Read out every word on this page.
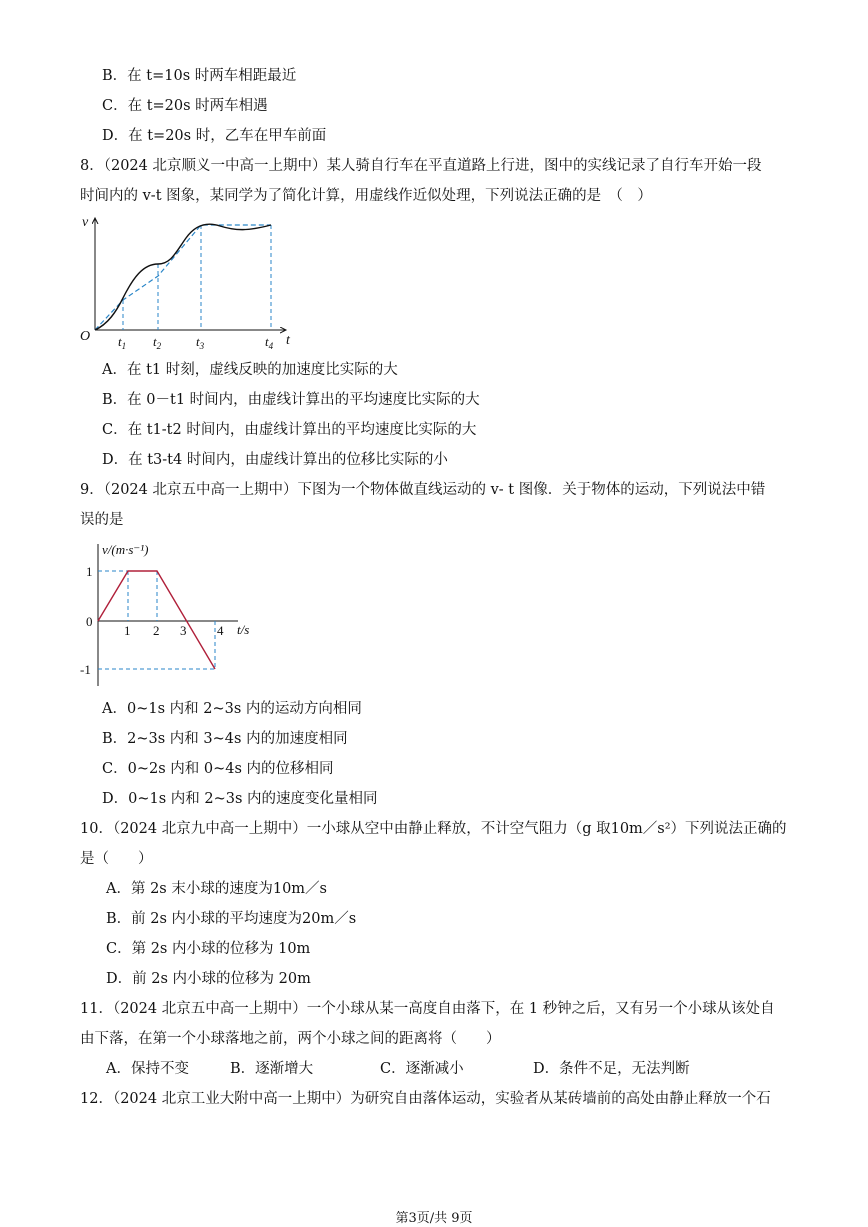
B．在 t=10s 时两车相距最近
C．在 t=20s 时两车相遇
D．在 t=20s 时，乙车在甲车前面
8．（2024 北京顺义一中高一上期中）某人骑自行车在平直道路上行进，图中的实线记录了自行车开始一段
时间内的 v-t 图象，某同学为了简化计算，用虚线作近似处理，下列说法正确的是　（　）
v
O	t
$t_1$ $t_2$	$t_3$	$t_4$
A．在 t1 时刻，虚线反映的加速度比实际的大
B．在 0－t1 时间内，由虚线计算出的平均速度比实际的大
C．在 t1-t2 时间内，由虚线计算出的平均速度比实际的大
D．在 t3-t4 时间内，由虚线计算出的位移比实际的小
9．（2024 北京五中高一上期中）下图为一个物体做直线运动的 v- t 图像．关于物体的运动，下列说法中错
误的是
v/(m·s⁻¹)
t/s
0
1
-1
1 2 3 4
A．0~1s 内和 2~3s 内的运动方向相同
B．2~3s 内和 3~4s 内的加速度相同
C．0~2s 内和 0~4s 内的位移相同
D．0~1s 内和 2~3s 内的速度变化量相同
10．（2024 北京九中高一上期中）一小球从空中由静止释放，不计空气阻力（g 取10m／s²）下列说法正确的
是（　　）
A．第 2s 末小球的速度为10m／s
B．前 2s 内小球的平均速度为20m／s
C．第 2s 内小球的位移为 10m
D．前 2s 内小球的位移为 20m
11．（2024 北京五中高一上期中）一个小球从某一高度自由落下，在 1 秒钟之后，又有另一个小球从该处自
由下落，在第一个小球落地之前，两个小球之间的距离将（　　）
A．保持不变	B．逐渐增大	C．逐渐减小	D．条件不足，无法判断
12．（2024 北京工业大附中高一上期中）为研究自由落体运动，实验者从某砖墙前的高处由静止释放一个石
第3页/共 9页
